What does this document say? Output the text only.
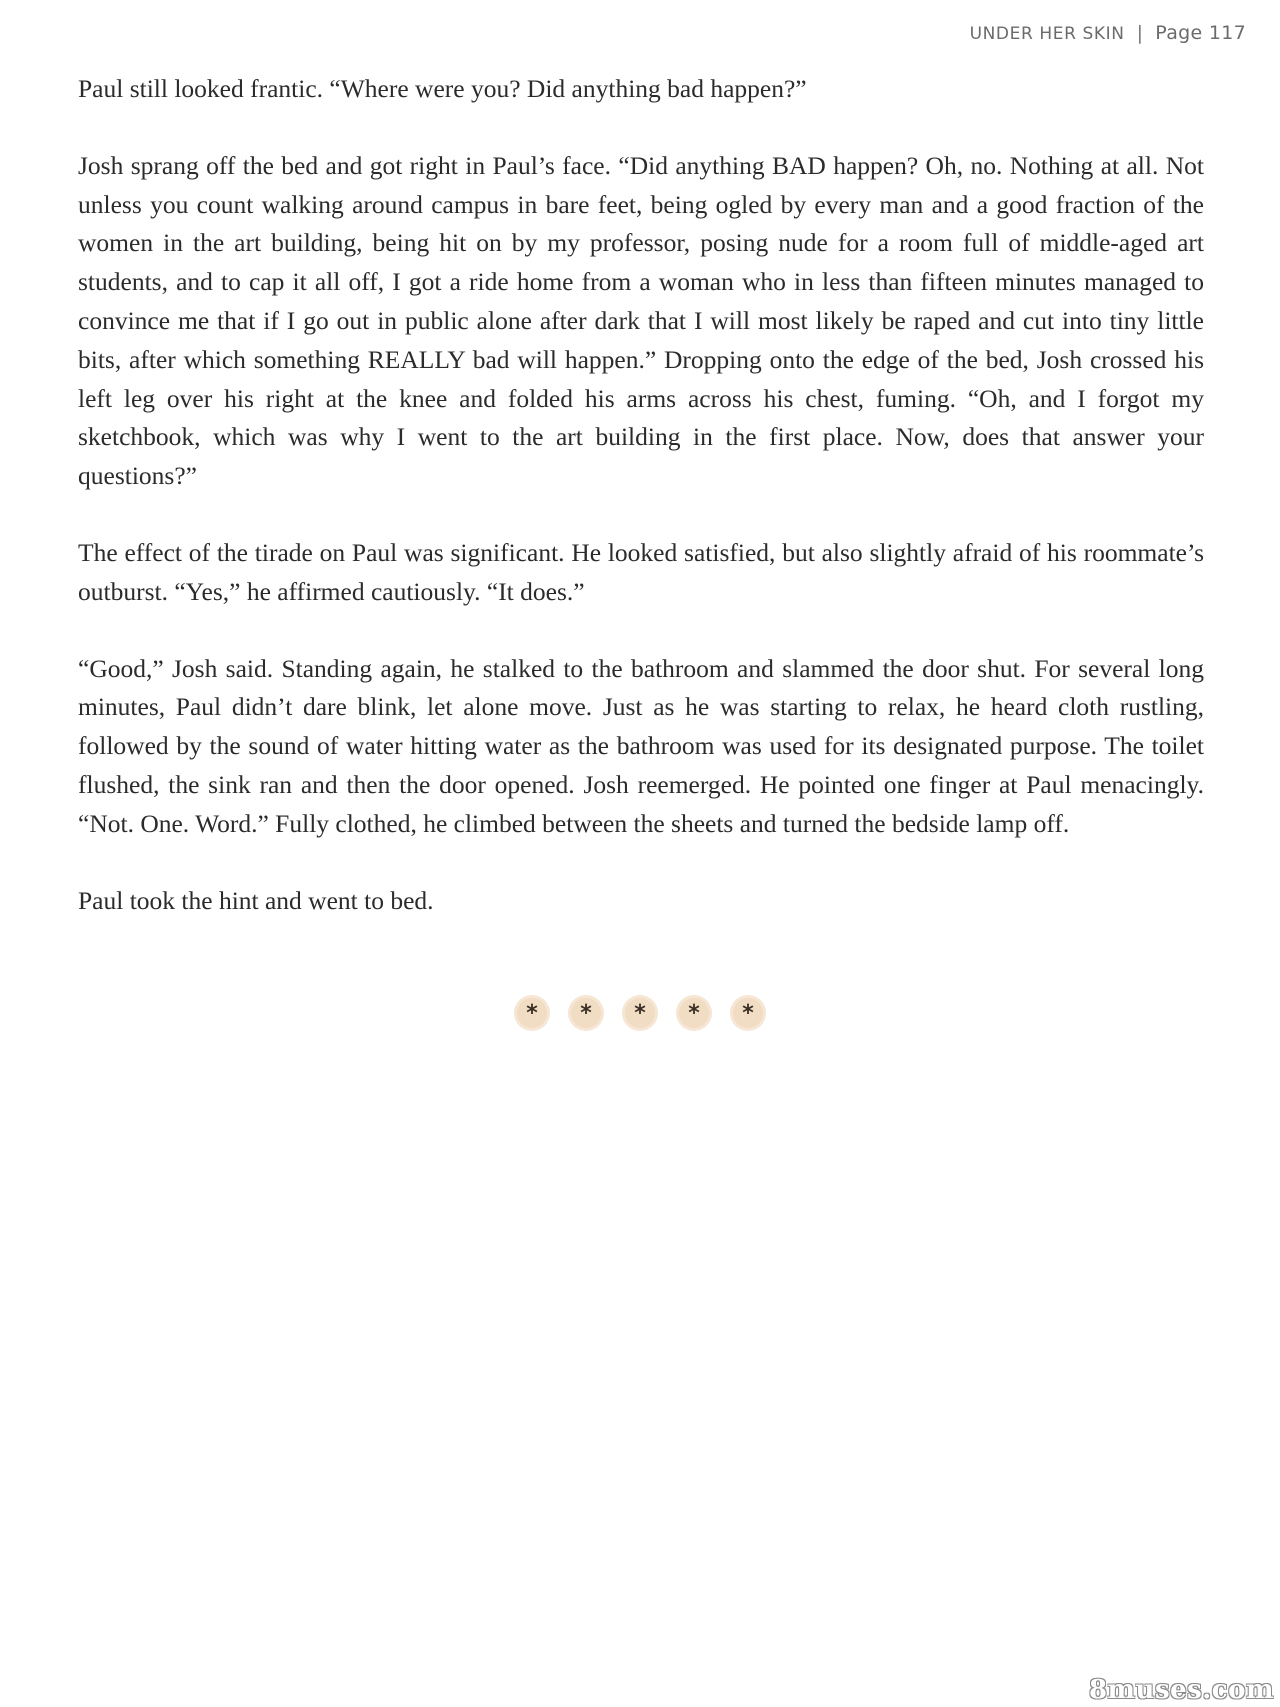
UNDER HER SKIN | Page 117

Paul still looked frantic. “Where were you? Did anything bad happen?”

Josh sprang off the bed and got right in Paul’s face. “Did anything BAD happen? Oh, no. Nothing at all. Not unless you count walking around campus in bare feet, being ogled by every man and a good fraction of the women in the art building, being hit on by my professor, posing nude for a room full of middle-aged art students, and to cap it all off, I got a ride home from a woman who in less than fifteen minutes managed to convince me that if I go out in public alone after dark that I will most likely be raped and cut into tiny little bits, after which something REALLY bad will happen.” Dropping onto the edge of the bed, Josh crossed his left leg over his right at the knee and folded his arms across his chest, fuming. “Oh, and I forgot my sketchbook, which was why I went to the art building in the first place. Now, does that answer your questions?”

The effect of the tirade on Paul was significant. He looked satisfied, but also slightly afraid of his roommate’s outburst. “Yes,” he affirmed cautiously. “It does.”

“Good,” Josh said. Standing again, he stalked to the bathroom and slammed the door shut. For several long minutes, Paul didn’t dare blink, let alone move. Just as he was starting to relax, he heard cloth rustling, followed by the sound of water hitting water as the bathroom was used for its designated purpose. The toilet flushed, the sink ran and then the door opened. Josh reemerged. He pointed one finger at Paul menacingly. “Not. One. Word.” Fully clothed, he climbed between the sheets and turned the bedside lamp off.

Paul took the hint and went to bed.

*	*	*	*	*
8muses.com
